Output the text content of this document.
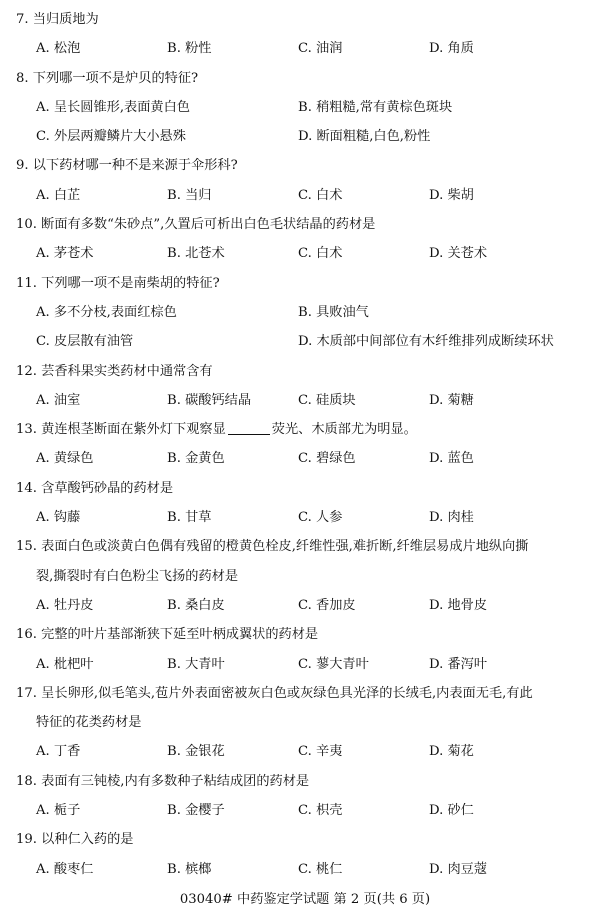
7. 当归质地为
A. 松泡	B. 粉性	C. 油润	D. 角质
8. 下列哪一项不是炉贝的特征?
A. 呈长圆锥形,表面黄白色	B. 稍粗糙,常有黄棕色斑块
C. 外层两瓣鳞片大小悬殊	D. 断面粗糙,白色,粉性
9. 以下药材哪一种不是来源于伞形科?
A. 白芷	B. 当归	C. 白术	D. 柴胡
10. 断面有多数“朱砂点”,久置后可析出白色毛状结晶的药材是
A. 茅苍术	B. 北苍术	C. 白术	D. 关苍术
11. 下列哪一项不是南柴胡的特征?
A. 多不分枝,表面红棕色	B. 具败油气
C. 皮层散有油管	D. 木质部中间部位有木纤维排列成断续环状
12. 芸香科果实类药材中通常含有
A. 油室	B. 碳酸钙结晶	C. 硅质块	D. 菊糖
13. 黄连根茎断面在紫外灯下观察显	荧光、木质部尤为明显。
A. 黄绿色	B. 金黄色	C. 碧绿色	D. 蓝色
14. 含草酸钙砂晶的药材是
A. 钩藤	B. 甘草	C. 人参	D. 肉桂
15. 表面白色或淡黄白色偶有残留的橙黄色栓皮,纤维性强,难折断,纤维层易成片地纵向撕
裂,撕裂时有白色粉尘飞扬的药材是
A. 牡丹皮	B. 桑白皮	C. 香加皮	D. 地骨皮
16. 完整的叶片基部渐狭下延至叶柄成翼状的药材是
A. 枇杷叶	B. 大青叶	C. 蓼大青叶	D. 番泻叶
17. 呈长卵形,似毛笔头,苞片外表面密被灰白色或灰绿色具光泽的长绒毛,内表面无毛,有此
特征的花类药材是
A. 丁香	B. 金银花	C. 辛夷	D. 菊花
18. 表面有三钝棱,内有多数种子粘结成团的药材是
A. 栀子	B. 金樱子	C. 枳壳	D. 砂仁
19. 以种仁入药的是
A. 酸枣仁	B. 槟榔	C. 桃仁	D. 肉豆蔻
03040# 中药鉴定学试题 第 2 页(共 6 页)
